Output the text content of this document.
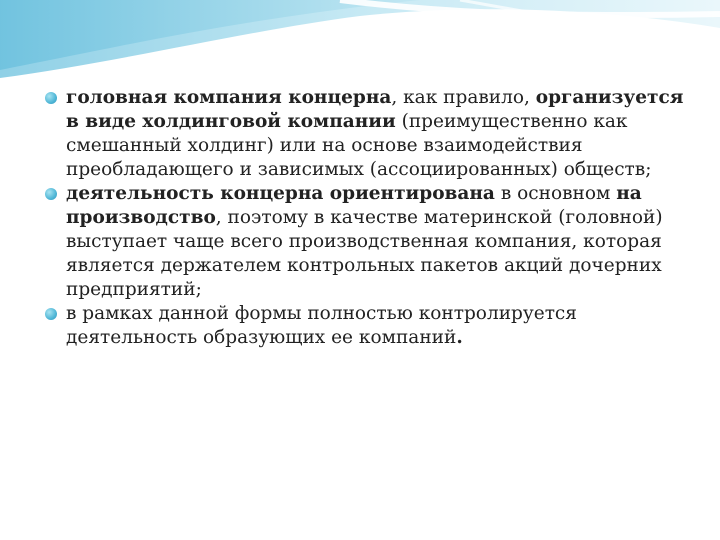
головная компания концерна, как правило, организуется в виде холдинговой компании (преимущественно как смешанный холдинг) или на основе взаимодействия преобладающего и зависимых (ассоциированных) обществ;
деятельность концерна ориентирована в основном на производство, поэтому в качестве материнской (головной) выступает чаще всего производственная компания, которая является держателем контрольных пакетов акций дочерних предприятий;
в рамках данной формы полностью контролируется деятельность образующих ее компаний.
